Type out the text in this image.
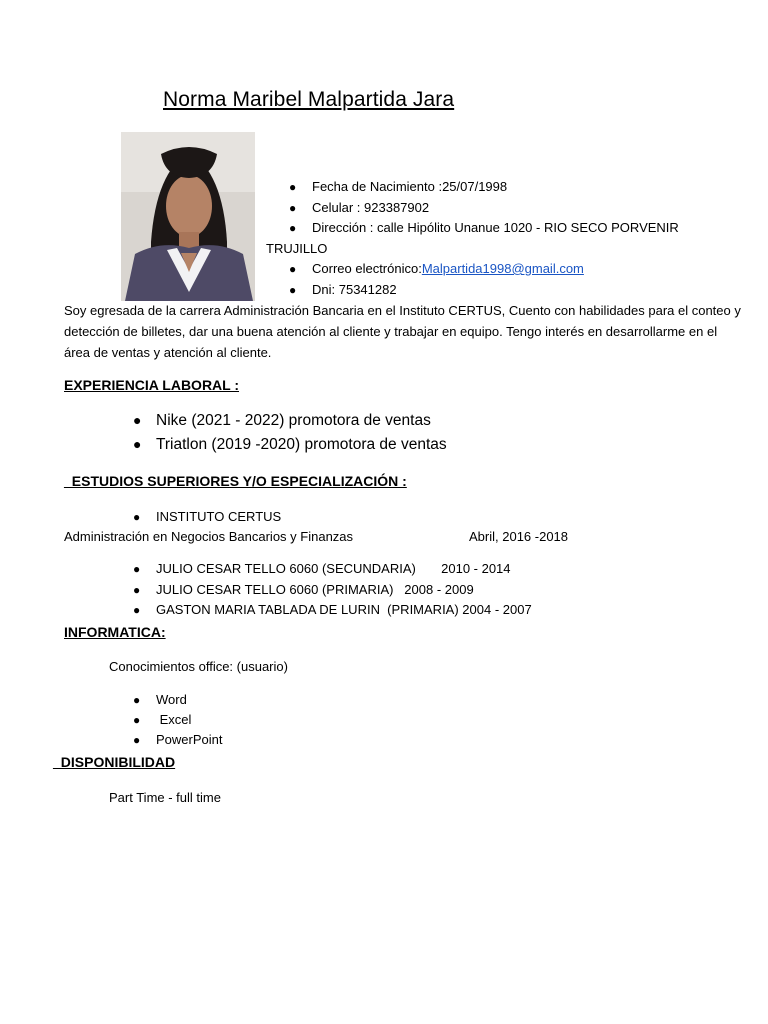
Norma Maribel Malpartida Jara
● Fecha de Nacimiento :25/07/1998
● Celular : 923387902
● Dirección : calle Hipólito Unanue 1020 - RIO SECO PORVENIR
TRUJILLO
● Correo electrónico:Malpartida1998@gmail.com
● Dni: 75341282
Soy egresada de la carrera Administración Bancaria en el Instituto CERTUS, Cuento con habilidades para el conteo y detección de billetes, dar una buena atención al cliente y trabajar en equipo. Tengo interés en desarrollarme en el área de ventas y atención al cliente.
EXPERIENCIA LABORAL :
● Nike (2021 - 2022) promotora de ventas
● Triatlon (2019 -2020) promotora de ventas
_ESTUDIOS SUPERIORES Y/O ESPECIALIZACIÓN :
● INSTITUTO CERTUS
Administración en Negocios Bancarios y Finanzas	Abril, 2016 -2018
● JULIO CESAR TELLO 6060 (SECUNDARIA)       2010 - 2014
● JULIO CESAR TELLO 6060 (PRIMARIA)   2008 - 2009
● GASTON MARIA TABLADA DE LURIN  (PRIMARIA) 2004 - 2007
INFORMATICA:
Conocimientos office: (usuario)
● Word
● Excel
● PowerPoint
_DISPONIBILIDAD
Part Time - full time
